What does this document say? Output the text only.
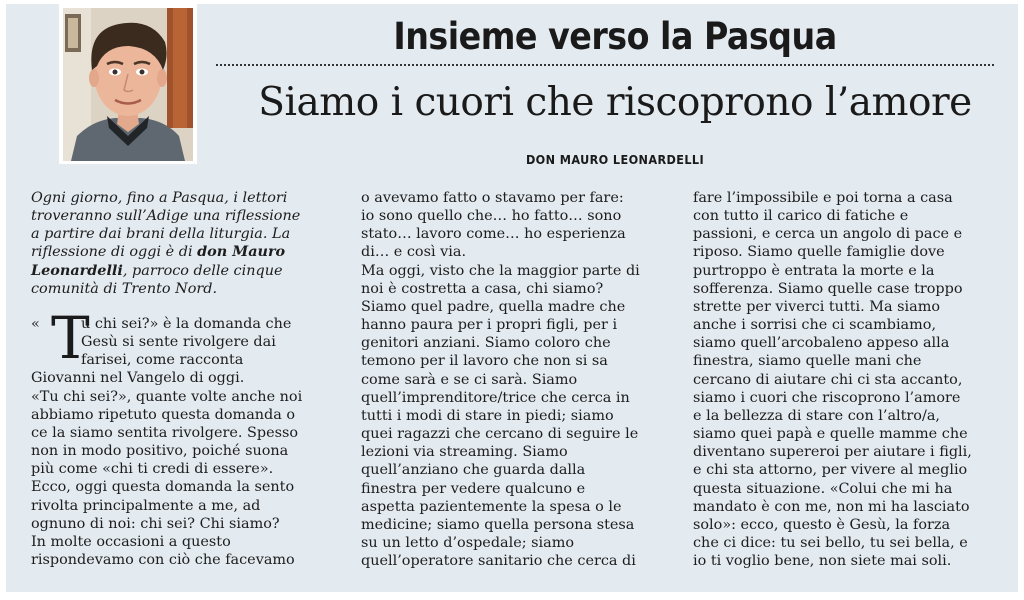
Insieme verso la Pasqua
Siamo i cuori che riscoprono l’amore
DON MAURO LEONARDELLI
Ogni giorno, fino a Pasqua, i lettori
troveranno sull’Adige una riflessione
a partire dai brani della liturgia. La
riflessione di oggi è di don Mauro
Leonardelli, parroco delle cinque
comunità di Trento Nord.
« T
u chi sei?» è la domanda che
Gesù si sente rivolgere dai
farisei, come racconta
Giovanni nel Vangelo di oggi.
«Tu chi sei?», quante volte anche noi
abbiamo ripetuto questa domanda o
ce la siamo sentita rivolgere. Spesso
non in modo positivo, poiché suona
più come «chi ti credi di essere».
Ecco, oggi questa domanda la sento
rivolta principalmente a me, ad
ognuno di noi: chi sei? Chi siamo?
In molte occasioni a questo
rispondevamo con ciò che facevamo
o avevamo fatto o stavamo per fare:
io sono quello che… ho fatto… sono
stato… lavoro come… ho esperienza
di… e così via.
Ma oggi, visto che la maggior parte di
noi è costretta a casa, chi siamo?
Siamo quel padre, quella madre che
hanno paura per i propri figli, per i
genitori anziani. Siamo coloro che
temono per il lavoro che non si sa
come sarà e se ci sarà. Siamo
quell’imprenditore/trice che cerca in
tutti i modi di stare in piedi; siamo
quei ragazzi che cercano di seguire le
lezioni via streaming. Siamo
quell’anziano che guarda dalla
finestra per vedere qualcuno e
aspetta pazientemente la spesa o le
medicine; siamo quella persona stesa
su un letto d’ospedale; siamo
quell’operatore sanitario che cerca di
fare l’impossibile e poi torna a casa
con tutto il carico di fatiche e
passioni, e cerca un angolo di pace e
riposo. Siamo quelle famiglie dove
purtroppo è entrata la morte e la
sofferenza. Siamo quelle case troppo
strette per viverci tutti. Ma siamo
anche i sorrisi che ci scambiamo,
siamo quell’arcobaleno appeso alla
finestra, siamo quelle mani che
cercano di aiutare chi ci sta accanto,
siamo i cuori che riscoprono l’amore
e la bellezza di stare con l’altro/a,
siamo quei papà e quelle mamme che
diventano supereroi per aiutare i figli,
e chi sta attorno, per vivere al meglio
questa situazione. «Colui che mi ha
mandato è con me, non mi ha lasciato
solo»: ecco, questo è Gesù, la forza
che ci dice: tu sei bello, tu sei bella, e
io ti voglio bene, non siete mai soli.
